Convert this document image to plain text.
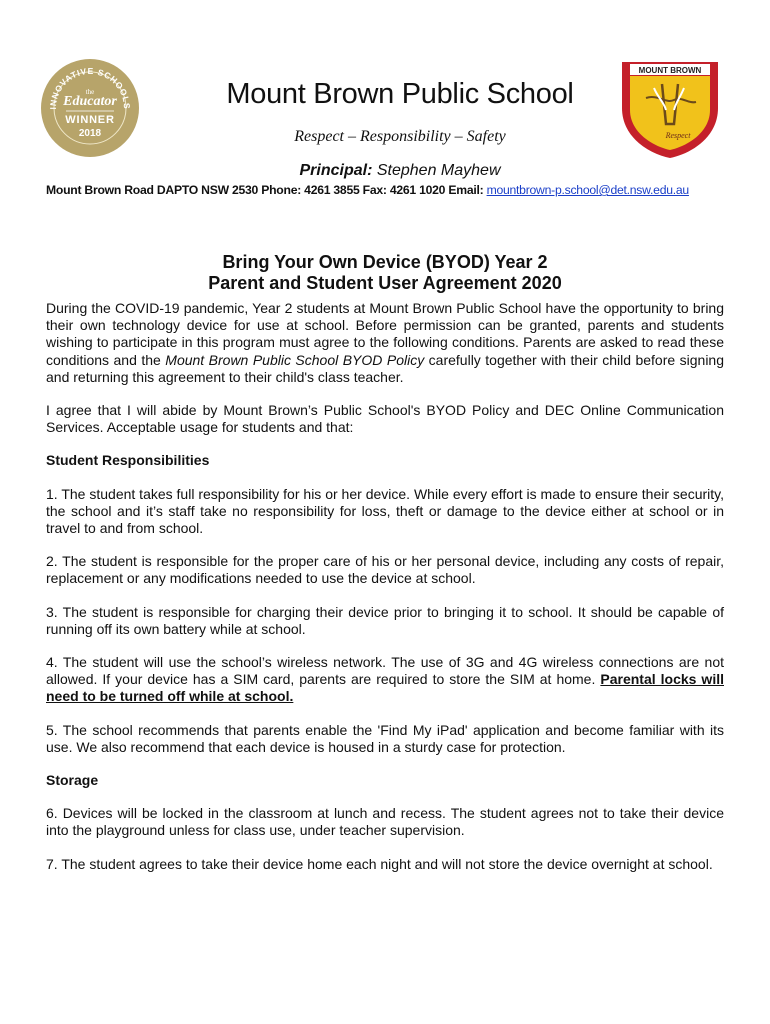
INNOVATIVE SCHOOLS
the
Educator
WINNER
2018
MOUNT BROWN
Respect
Mount Brown Public School
Respect – Responsibility – Safety
Principal: Stephen Mayhew
Mount Brown Road DAPTO NSW 2530 Phone: 4261 3855 Fax: 4261 1020 Email: mountbrown-p.school@det.nsw.edu.au
Bring Your Own Device (BYOD) Year 2
Parent and Student User Agreement 2020

During the COVID-19 pandemic, Year 2 students at Mount Brown Public School have the opportunity to bring their own technology device for use at school. Before permission can be granted, parents and students wishing to participate in this program must agree to the following conditions. Parents are asked to read these conditions and the Mount Brown Public School BYOD Policy carefully together with their child before signing and returning this agreement to their child's class teacher.

I agree that I will abide by Mount Brown’s Public School's BYOD Policy and DEC Online Communication Services. Acceptable usage for students and that:

Student Responsibilities

1. The student takes full responsibility for his or her device. While every effort is made to ensure their security, the school and it’s staff take no responsibility for loss, theft or damage to the device either at school or in travel to and from school.

2. The student is responsible for the proper care of his or her personal device, including any costs of repair, replacement or any modifications needed to use the device at school.

3. The student is responsible for charging their device prior to bringing it to school. It should be capable of running off its own battery while at school.

4. The student will use the school’s wireless network. The use of 3G and 4G wireless connections are not allowed. If your device has a SIM card, parents are required to store the SIM at home. Parental locks will need to be turned off while at school.

5. The school recommends that parents enable the 'Find My iPad' application and become familiar with its use. We also recommend that each device is housed in a sturdy case for protection.

Storage

6. Devices will be locked in the classroom at lunch and recess. The student agrees not to take their device into the playground unless for class use, under teacher supervision.

7. The student agrees to take their device home each night and will not store the device overnight at school.
